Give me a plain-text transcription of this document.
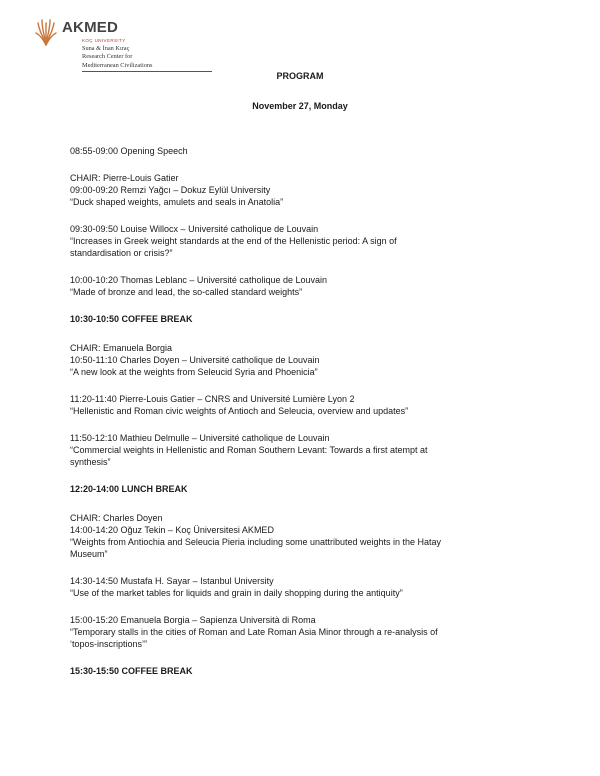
AKMED
KOÇ UNIVERSITY
Suna & İnan Kıraç
Research Center for
Mediterranean Civilizations
PROGRAM
November 27, Monday
08:55-09:00 Opening Speech
CHAIR: Pierre-Louis Gatier
09:00-09:20 Remzi Yağcı – Dokuz Eylül University
“Duck shaped weights, amulets and seals in Anatolia”
09:30-09:50 Louise Willocx – Université catholique de Louvain
“Increases in Greek weight standards at the end of the Hellenistic period: A sign of
standardisation or crisis?”
10:00-10:20 Thomas Leblanc – Université catholique de Louvain
“Made of bronze and lead, the so-called standard weights”
10:30-10:50 COFFEE BREAK
CHAIR: Emanuela Borgia
10:50-11:10 Charles Doyen – Université catholique de Louvain
“A new look at the weights from Seleucid Syria and Phoenicia”
11:20-11:40 Pierre-Louis Gatier – CNRS and Université Lumière Lyon 2
“Hellenistic and Roman civic weights of Antioch and Seleucia, overview and updates”
11:50-12:10 Mathieu Delmulle – Université catholique de Louvain
“Commercial weights in Hellenistic and Roman Southern Levant: Towards a first atempt at
synthesis”
12:20-14:00 LUNCH BREAK
CHAIR: Charles Doyen
14:00-14:20 Oğuz Tekin – Koç Üniversitesi AKMED
“Weights from Antiochia and Seleucia Pieria including some unattributed weights in the Hatay
Museum”
14:30-14:50 Mustafa H. Sayar – Istanbul University
“Use of the market tables for liquids and grain in daily shopping during the antiquity”
15:00-15:20 Emanuela Borgia – Sapienza Università di Roma
“Temporary stalls in the cities of Roman and Late Roman Asia Minor through a re-analysis of
‘topos-inscriptions’”
15:30-15:50 COFFEE BREAK
